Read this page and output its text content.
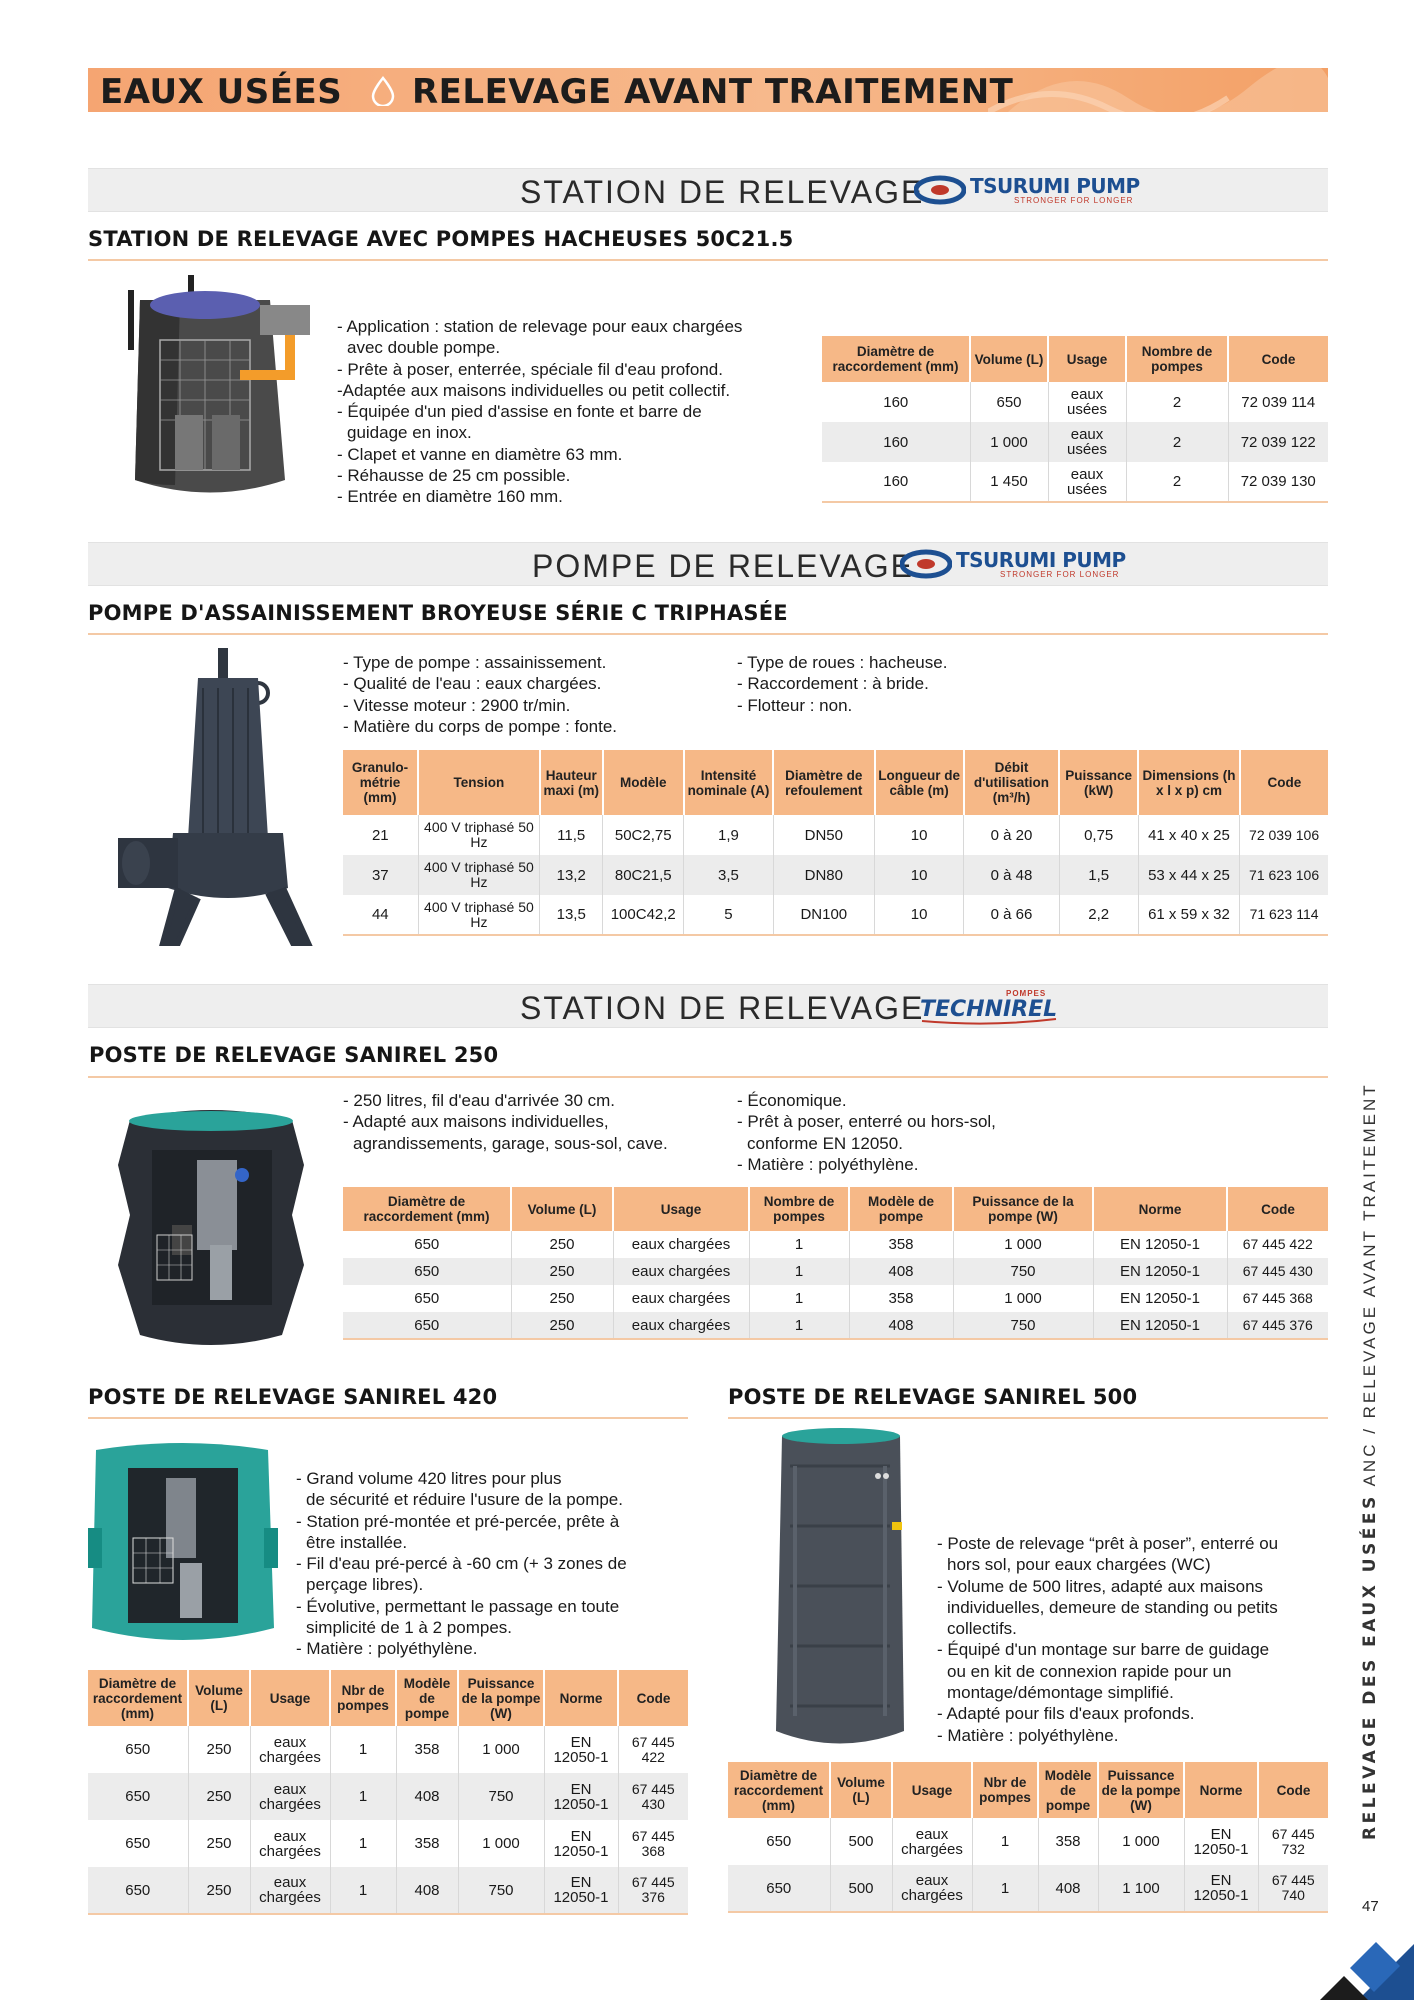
EAUX USÉES RELEVAGE AVANT TRAITEMENT
STATION DE RELEVAGE TSURUMI PUMP
STRONGER FOR LONGER
STATION DE RELEVAGE AVEC POMPES HACHEUSES 50C21.5
- Application : station de relevage pour eaux chargées
avec double pompe.
- Prête à poser, enterrée, spéciale fil d'eau profond.
-Adaptée aux maisons individuelles ou petit collectif.
- Équipée d'un pied d'assise en fonte et barre de
guidage en inox.
- Clapet et vanne en diamètre 63 mm.
- Réhausse de 25 cm possible.
- Entrée en diamètre 160 mm.
Diamètre de raccordement (mm)	Volume (L)	Usage	Nombre de pompes	Code
160	650	eaux usées	2	72 039 114
160	1 000	eaux usées	2	72 039 122
160	1 450	eaux usées	2	72 039 130
POMPE DE RELEVAGE TSURUMI PUMP
STRONGER FOR LONGER
POMPE D'ASSAINISSEMENT BROYEUSE SÉRIE C TRIPHASÉE
- Type de pompe : assainissement.
- Qualité de l'eau : eaux chargées.
- Vitesse moteur : 2900 tr/min.
- Matière du corps de pompe : fonte.
- Type de roues : hacheuse.
- Raccordement : à bride.
- Flotteur : non.
Granulo-métrie (mm)	Tension	Hauteur maxi (m)	Modèle	Intensité nominale (A)	Diamètre de refoulement	Longueur de câble (m)	Débit d'utilisation (m³/h)	Puissance (kW)	Dimensions (h x l x p) cm	Code
21	400 V triphasé 50 Hz	11,5	50C2,75	1,9	DN50	10	0 à 20	0,75	41 x 40 x 25	72 039 106
37	400 V triphasé 50 Hz	13,2	80C21,5	3,5	DN80	10	0 à 48	1,5	53 x 44 x 25	71 623 106
44	400 V triphasé 50 Hz	13,5	100C42,2	5	DN100	10	0 à 66	2,2	61 x 59 x 32	71 623 114
STATION DE RELEVAGE	POMPES
TECHNIREL
POSTE DE RELEVAGE SANIREL 250
- 250 litres, fil d'eau d'arrivée 30 cm.
- Adapté aux maisons individuelles,
agrandissements, garage, sous-sol, cave.
- Économique.
- Prêt à poser, enterré ou hors-sol,
conforme EN 12050.
- Matière : polyéthylène.
Diamètre de raccordement (mm)	Volume (L)	Usage	Nombre de pompes	Modèle de pompe	Puissance de la pompe (W)	Norme	Code
650	250	eaux chargées	1	358	1 000	EN 12050-1	67 445 422
650	250	eaux chargées	1	408	750	EN 12050-1	67 445 430
650	250	eaux chargées	1	358	1 000	EN 12050-1	67 445 368
650	250	eaux chargées	1	408	750	EN 12050-1	67 445 376
POSTE DE RELEVAGE SANIREL 420
- Grand volume 420 litres pour plus
de sécurité et réduire l'usure de la pompe.
- Station pré-montée et pré-percée, prête à
être installée.
- Fil d'eau pré-percé à -60 cm (+ 3 zones de
perçage libres).
- Évolutive, permettant le passage en toute
simplicité de 1 à 2 pompes.
- Matière : polyéthylène.
Diamètre de raccordement (mm)	Volume (L)	Usage	Nbr de pompes	Modèle de pompe	Puissance de la pompe (W)	Norme	Code
650	250	eaux chargées	1	358	1 000	EN 12050-1	67 445 422
650	250	eaux chargées	1	408	750	EN 12050-1	67 445 430
650	250	eaux chargées	1	358	1 000	EN 12050-1	67 445 368
650	250	eaux chargées	1	408	750	EN 12050-1	67 445 376
POSTE DE RELEVAGE SANIREL 500
- Poste de relevage “prêt à poser”, enterré ou
hors sol, pour eaux chargées (WC)
- Volume de 500 litres, adapté aux maisons
individuelles, demeure de standing ou petits
collectifs.
- Équipé d'un montage sur barre de guidage
ou en kit de connexion rapide pour un
montage/démontage simplifié.
- Adapté pour fils d'eaux profonds.
- Matière : polyéthylène.
Diamètre de raccordement (mm)	Volume (L)	Usage	Nbr de pompes	Modèle de pompe	Puissance de la pompe (W)	Norme	Code
650	500	eaux chargées	1	358	1 000	EN 12050-1	67 445 732
650	500	eaux chargées	1	408	1 100	EN 12050-1	67 445 740
RELEVAGE DES EAUX USÉES ANC / RELEVAGE AVANT TRAITEMENT
47
